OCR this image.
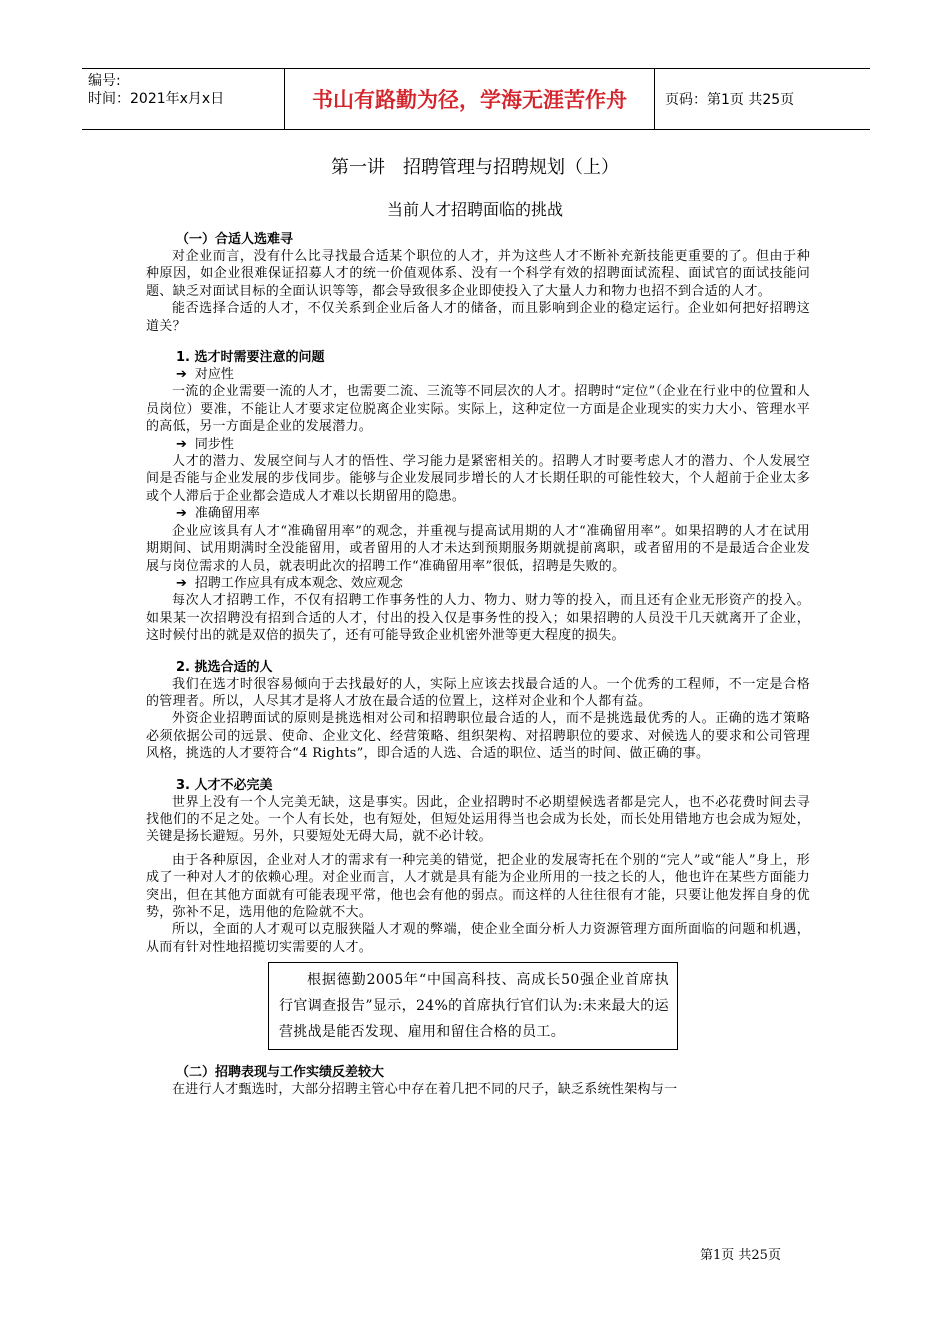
编号:
时间：2021年x月x日	书山有路勤为径，学海无涯苦作舟	页码：第1页 共25页
第一讲　招聘管理与招聘规划（上）
当前人才招聘面临的挑战
（一）合适人选难寻

对企业而言，没有什么比寻找最合适某个职位的人才，并为这些人才不断补充新技能更重要的了。但由于种种原因，如企业很难保证招募人才的统一价值观体系、没有一个科学有效的招聘面试流程、面试官的面试技能问题、缺乏对面试目标的全面认识等等，都会导致很多企业即使投入了大量人力和物力也招不到合适的人才。

能否选择合适的人才，不仅关系到企业后备人才的储备，而且影响到企业的稳定运行。企业如何把好招聘这道关？

1. 选才时需要注意的问题
➔ 对应性

一流的企业需要一流的人才，也需要二流、三流等不同层次的人才。招聘时“定位”（企业在行业中的位置和人员岗位）要准，不能让人才要求定位脱离企业实际。实际上，这种定位一方面是企业现实的实力大小、管理水平的高低，另一方面是企业的发展潜力。

➔ 同步性

人才的潜力、发展空间与人才的悟性、学习能力是紧密相关的。招聘人才时要考虑人才的潜力、个人发展空间是否能与企业发展的步伐同步。能够与企业发展同步增长的人才长期任职的可能性较大，个人超前于企业太多或个人滞后于企业都会造成人才难以长期留用的隐患。

➔ 准确留用率

企业应该具有人才“准确留用率”的观念，并重视与提高试用期的人才“准确留用率”。如果招聘的人才在试用期期间、试用期满时全没能留用，或者留用的人才未达到预期服务期就提前离职，或者留用的不是最适合企业发展与岗位需求的人员，就表明此次的招聘工作“准确留用率”很低，招聘是失败的。

➔ 招聘工作应具有成本观念、效应观念

每次人才招聘工作，不仅有招聘工作事务性的人力、物力、财力等的投入，而且还有企业无形资产的投入。如果某一次招聘没有招到合适的人才，付出的投入仅是事务性的投入；如果招聘的人员没干几天就离开了企业，这时候付出的就是双倍的损失了，还有可能导致企业机密外泄等更大程度的损失。

2. 挑选合适的人

我们在选才时很容易倾向于去找最好的人，实际上应该去找最合适的人。一个优秀的工程师，不一定是合格的管理者。所以，人尽其才是将人才放在最合适的位置上，这样对企业和个人都有益。

外资企业招聘面试的原则是挑选相对公司和招聘职位最合适的人，而不是挑选最优秀的人。正确的选才策略必须依据公司的远景、使命、企业文化、经营策略、组织架构、对招聘职位的要求、对候选人的要求和公司管理风格，挑选的人才要符合“4 Rights”，即合适的人选、合适的职位、适当的时间、做正确的事。

3. 人才不必完美

世界上没有一个人完美无缺，这是事实。因此，企业招聘时不必期望候选者都是完人，也不必花费时间去寻找他们的不足之处。一个人有长处，也有短处，但短处运用得当也会成为长处，而长处用错地方也会成为短处，关键是扬长避短。另外，只要短处无碍大局，就不必计较。

由于各种原因，企业对人才的需求有一种完美的错觉，把企业的发展寄托在个别的“完人”或“能人”身上，形成了一种对人才的依赖心理。对企业而言，人才就是具有能为企业所用的一技之长的人，他也许在某些方面能力突出，但在其他方面就有可能表现平常，他也会有他的弱点。而这样的人往往很有才能，只要让他发挥自身的优势，弥补不足，选用他的危险就不大。

所以，全面的人才观可以克服狭隘人才观的弊端，使企业全面分析人力资源管理方面所面临的问题和机遇，从而有针对性地招揽切实需要的人才。

根据德勤2005年“中国高科技、高成长50强企业首席执行官调查报告”显示，24%的首席执行官们认为:未来最大的运营挑战是能否发现、雇用和留住合格的员工。

（二）招聘表现与工作实绩反差较大

在进行人才甄选时，大部分招聘主管心中存在着几把不同的尺子，缺乏系统性架构与一

第1页 共25页
